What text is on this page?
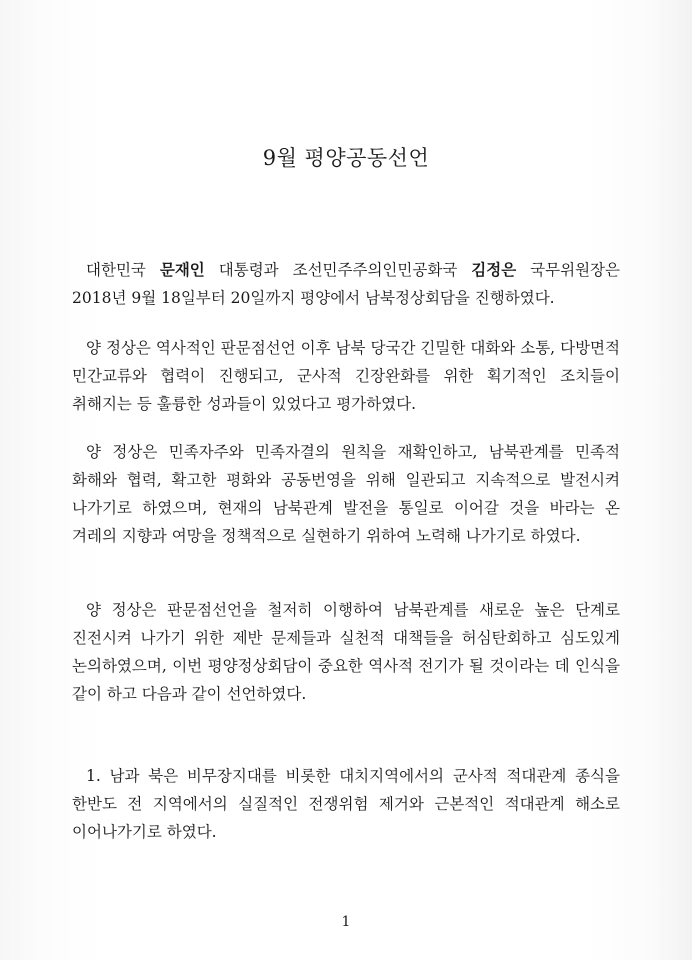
9월 평양공동선언

대한민국 문재인 대통령과 조선민주주의인민공화국 김정은 국무위원장은 2018년 9월 18일부터 20일까지 평양에서 남북정상회담을 진행하였다.

양 정상은 역사적인 판문점선언 이후 남북 당국간 긴밀한 대화와 소통, 다방면적 민간교류와 협력이 진행되고, 군사적 긴장완화를 위한 획기적인 조치들이 취해지는 등 훌륭한 성과들이 있었다고 평가하였다.

양 정상은 민족자주와 민족자결의 원칙을 재확인하고, 남북관계를 민족적 화해와 협력, 확고한 평화와 공동번영을 위해 일관되고 지속적으로 발전시켜 나가기로 하였으며, 현재의 남북관계 발전을 통일로 이어갈 것을 바라는 온 겨레의 지향과 여망을 정책적으로 실현하기 위하여 노력해 나가기로 하였다.

양 정상은 판문점선언을 철저히 이행하여 남북관계를 새로운 높은 단계로 진전시켜 나가기 위한 제반 문제들과 실천적 대책들을 허심탄회하고 심도있게 논의하였으며, 이번 평양정상회담이 중요한 역사적 전기가 될 것이라는 데 인식을 같이 하고 다음과 같이 선언하였다.

1. 남과 북은 비무장지대를 비롯한 대치지역에서의 군사적 적대관계 종식을 한반도 전 지역에서의 실질적인 전쟁위험 제거와 근본적인 적대관계 해소로 이어나가기로 하였다.

1
